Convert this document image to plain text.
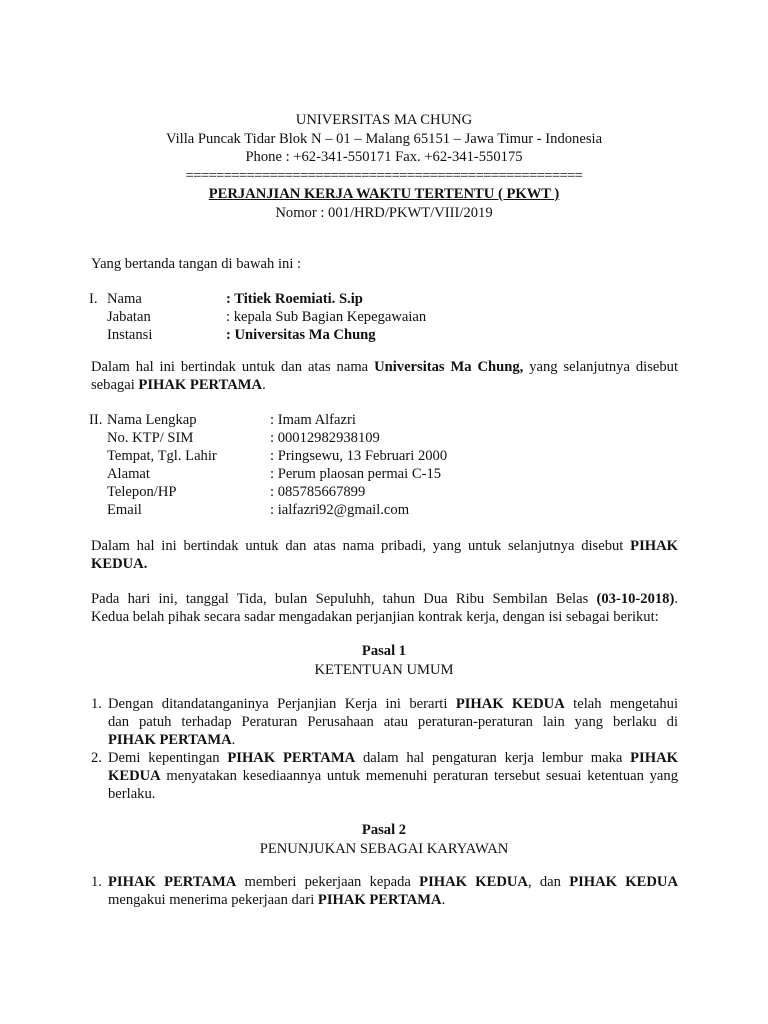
UNIVERSITAS MA CHUNG
Villa Puncak Tidar Blok N – 01 – Malang 65151 – Jawa Timur - Indonesia
Phone : +62-341-550171 Fax. +62-341-550175
====================================================
PERJANJIAN KERJA WAKTU TERTENTU ( PKWT )
Nomor : 001/HRD/PKWT/VIII/2019
Yang bertanda tangan di bawah ini :
I. Nama	: Titiek Roemiati. S.ip
Jabatan	: kepala Sub Bagian Kepegawaian
Instansi	: Universitas Ma Chung
Dalam hal ini bertindak untuk dan atas nama Universitas Ma Chung, yang selanjutnya disebut
sebagai PIHAK PERTAMA.
II. Nama Lengkap	: Imam Alfazri
No. KTP/ SIM	: 00012982938109
Tempat, Tgl. Lahir	: Pringsewu, 13 Februari 2000
Alamat	: Perum plaosan permai C-15
Telepon/HP	: 085785667899
Email	: ialfazri92@gmail.com
Dalam hal ini bertindak untuk dan atas nama pribadi, yang untuk selanjutnya disebut PIHAK
KEDUA.
Pada hari ini, tanggal Tida, bulan Sepuluhh, tahun Dua Ribu Sembilan Belas (03-10-2018).
Kedua belah pihak secara sadar mengadakan perjanjian kontrak kerja, dengan isi sebagai berikut:
Pasal 1
KETENTUAN UMUM
1. Dengan ditandatanganinya Perjanjian Kerja ini berarti PIHAK KEDUA telah mengetahui
dan patuh terhadap Peraturan Perusahaan atau peraturan-peraturan lain yang berlaku di
PIHAK PERTAMA.
2. Demi kepentingan PIHAK PERTAMA dalam hal pengaturan kerja lembur maka PIHAK
KEDUA menyatakan kesediaannya untuk memenuhi peraturan tersebut sesuai ketentuan yang
berlaku.
Pasal 2
PENUNJUKAN SEBAGAI KARYAWAN
1. PIHAK PERTAMA memberi pekerjaan kepada PIHAK KEDUA, dan PIHAK KEDUA
mengakui menerima pekerjaan dari PIHAK PERTAMA.
